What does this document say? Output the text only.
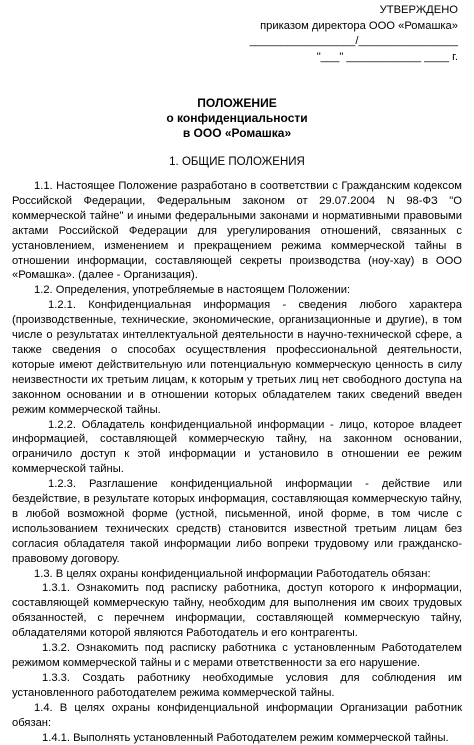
УТВЕРЖДЕНО
приказом директора ООО «Ромашка»
_________________/________________
"___" ____________ ____ г.
ПОЛОЖЕНИЕ
о конфиденциальности
в ООО «Ромашка»
1. ОБЩИЕ ПОЛОЖЕНИЯ

1.1. Настоящее Положение разработано в соответствии с Гражданским кодексом Российской Федерации, Федеральным законом от 29.07.2004 N 98-ФЗ "О коммерческой тайне" и иными федеральными законами и нормативными правовыми актами Российской Федерации для урегулирования отношений, связанных с установлением, изменением и прекращением режима коммерческой тайны в отношении информации, составляющей секреты производства (ноу-хау) в ООО «Ромашка». (далее - Организация).

1.2. Определения, употребляемые в настоящем Положении:

1.2.1. Конфиденциальная информация - сведения любого характера (производственные, технические, экономические, организационные и другие), в том числе о результатах интеллектуальной деятельности в научно-технической сфере, а также сведения о способах осуществления профессиональной деятельности, которые имеют действительную или потенциальную коммерческую ценность в силу неизвестности их третьим лицам, к которым у третьих лиц нет свободного доступа на законном основании и в отношении которых обладателем таких сведений введен режим коммерческой тайны.

1.2.2. Обладатель конфиденциальной информации - лицо, которое владеет информацией, составляющей коммерческую тайну, на законном основании, ограничило доступ к этой информации и установило в отношении ее режим коммерческой тайны.

1.2.3. Разглашение конфиденциальной информации - действие или бездействие, в результате которых информация, составляющая коммерческую тайну, в любой возможной форме (устной, письменной, иной форме, в том числе с использованием технических средств) становится известной третьим лицам без согласия обладателя такой информации либо вопреки трудовому или гражданско-правовому договору.

1.3. В целях охраны конфиденциальной информации Работодатель обязан:

1.3.1. Ознакомить под расписку работника, доступ которого к информации, составляющей коммерческую тайну, необходим для выполнения им своих трудовых обязанностей, с перечнем информации, составляющей коммерческую тайну, обладателями которой являются Работодатель и его контрагенты.

1.3.2. Ознакомить под расписку работника с установленным Работодателем режимом коммерческой тайны и с мерами ответственности за его нарушение.

1.3.3. Создать работнику необходимые условия для соблюдения им установленного работодателем режима коммерческой тайны.

1.4. В целях охраны конфиденциальной информации Организации работник обязан:

1.4.1. Выполнять установленный Работодателем режим коммерческой тайны.
